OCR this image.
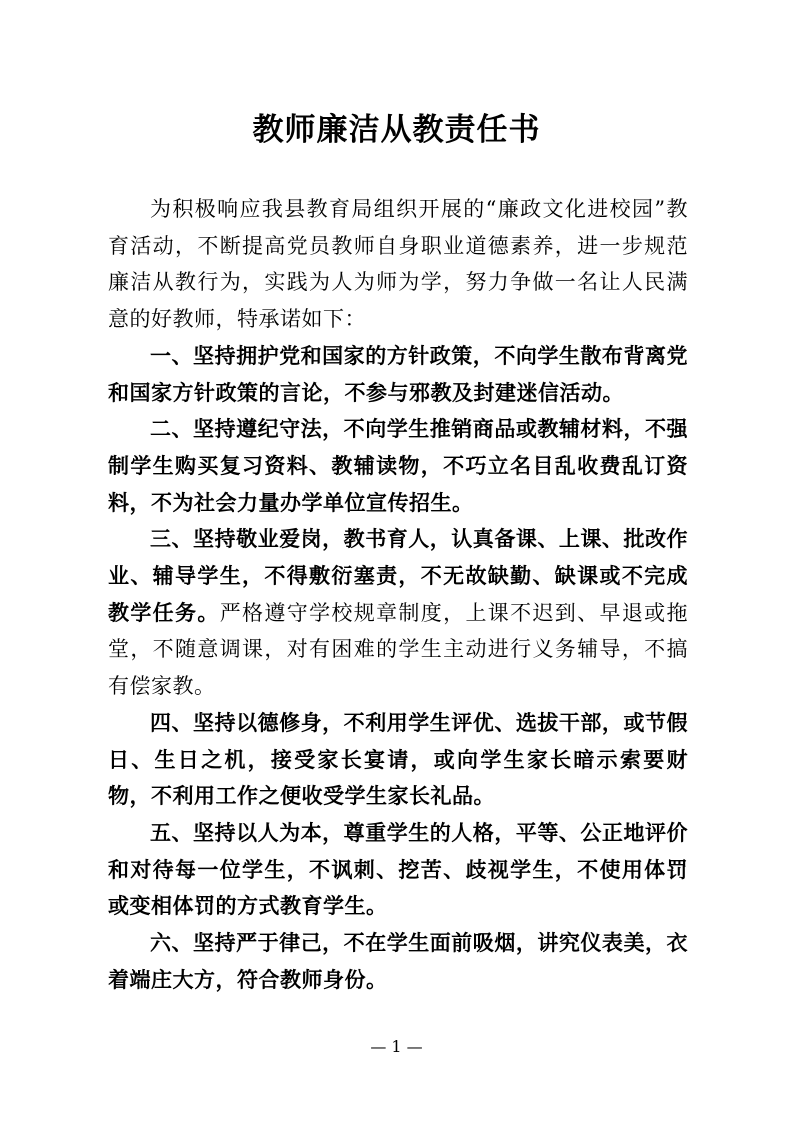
教师廉洁从教责任书

为积极响应我县教育局组织开展的“廉政文化进校园”教育活动，不断提高党员教师自身职业道德素养，进一步规范廉洁从教行为，实践为人为师为学，努力争做一名让人民满意的好教师，特承诺如下：

一、坚持拥护党和国家的方针政策，不向学生散布背离党和国家方针政策的言论，不参与邪教及封建迷信活动。

二、坚持遵纪守法，不向学生推销商品或教辅材料，不强制学生购买复习资料、教辅读物，不巧立名目乱收费乱订资料，不为社会力量办学单位宣传招生。

三、坚持敬业爱岗，教书育人，认真备课、上课、批改作业、辅导学生，不得敷衍塞责，不无故缺勤、缺课或不完成教学任务。严格遵守学校规章制度，上课不迟到、早退或拖堂，不随意调课，对有困难的学生主动进行义务辅导，不搞有偿家教。

四、坚持以德修身，不利用学生评优、选拔干部，或节假日、生日之机，接受家长宴请，或向学生家长暗示索要财物，不利用工作之便收受学生家长礼品。

五、坚持以人为本，尊重学生的人格，平等、公正地评价和对待每一位学生，不讽刺、挖苦、歧视学生，不使用体罚或变相体罚的方式教育学生。

六、坚持严于律己，不在学生面前吸烟，讲究仪表美，衣着端庄大方，符合教师身份。

— 1 —
